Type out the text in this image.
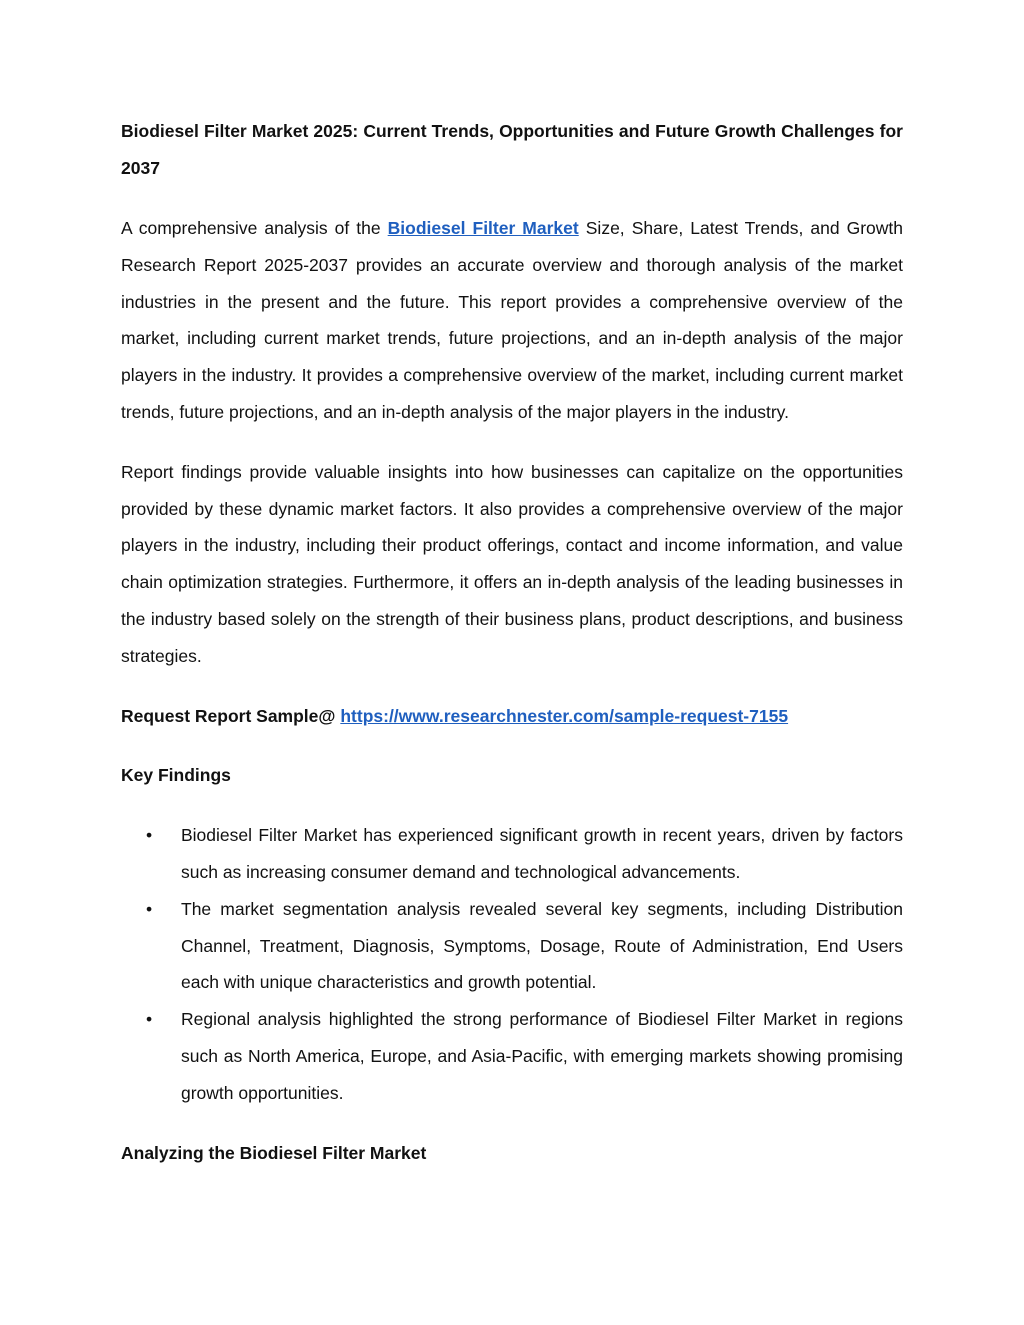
Biodiesel Filter Market 2025: Current Trends, Opportunities and Future Growth Challenges for 2037

A comprehensive analysis of the Biodiesel Filter Market Size, Share, Latest Trends, and Growth Research Report 2025-2037 provides an accurate overview and thorough analysis of the market industries in the present and the future. This report provides a comprehensive overview of the market, including current market trends, future projections, and an in-depth analysis of the major players in the industry. It provides a comprehensive overview of the market, including current market trends, future projections, and an in-depth analysis of the major players in the industry.

Report findings provide valuable insights into how businesses can capitalize on the opportunities provided by these dynamic market factors. It also provides a comprehensive overview of the major players in the industry, including their product offerings, contact and income information, and value chain optimization strategies. Furthermore, it offers an in-depth analysis of the leading businesses in the industry based solely on the strength of their business plans, product descriptions, and business strategies.

Request Report Sample@ https://www.researchnester.com/sample-request-7155

Key Findings

• Biodiesel Filter Market has experienced significant growth in recent years, driven by factors such as increasing consumer demand and technological advancements.
• The market segmentation analysis revealed several key segments, including Distribution Channel, Treatment, Diagnosis, Symptoms, Dosage, Route of Administration, End Users each with unique characteristics and growth potential.
• Regional analysis highlighted the strong performance of Biodiesel Filter Market in regions such as North America, Europe, and Asia-Pacific, with emerging markets showing promising growth opportunities.

Analyzing the Biodiesel Filter Market
